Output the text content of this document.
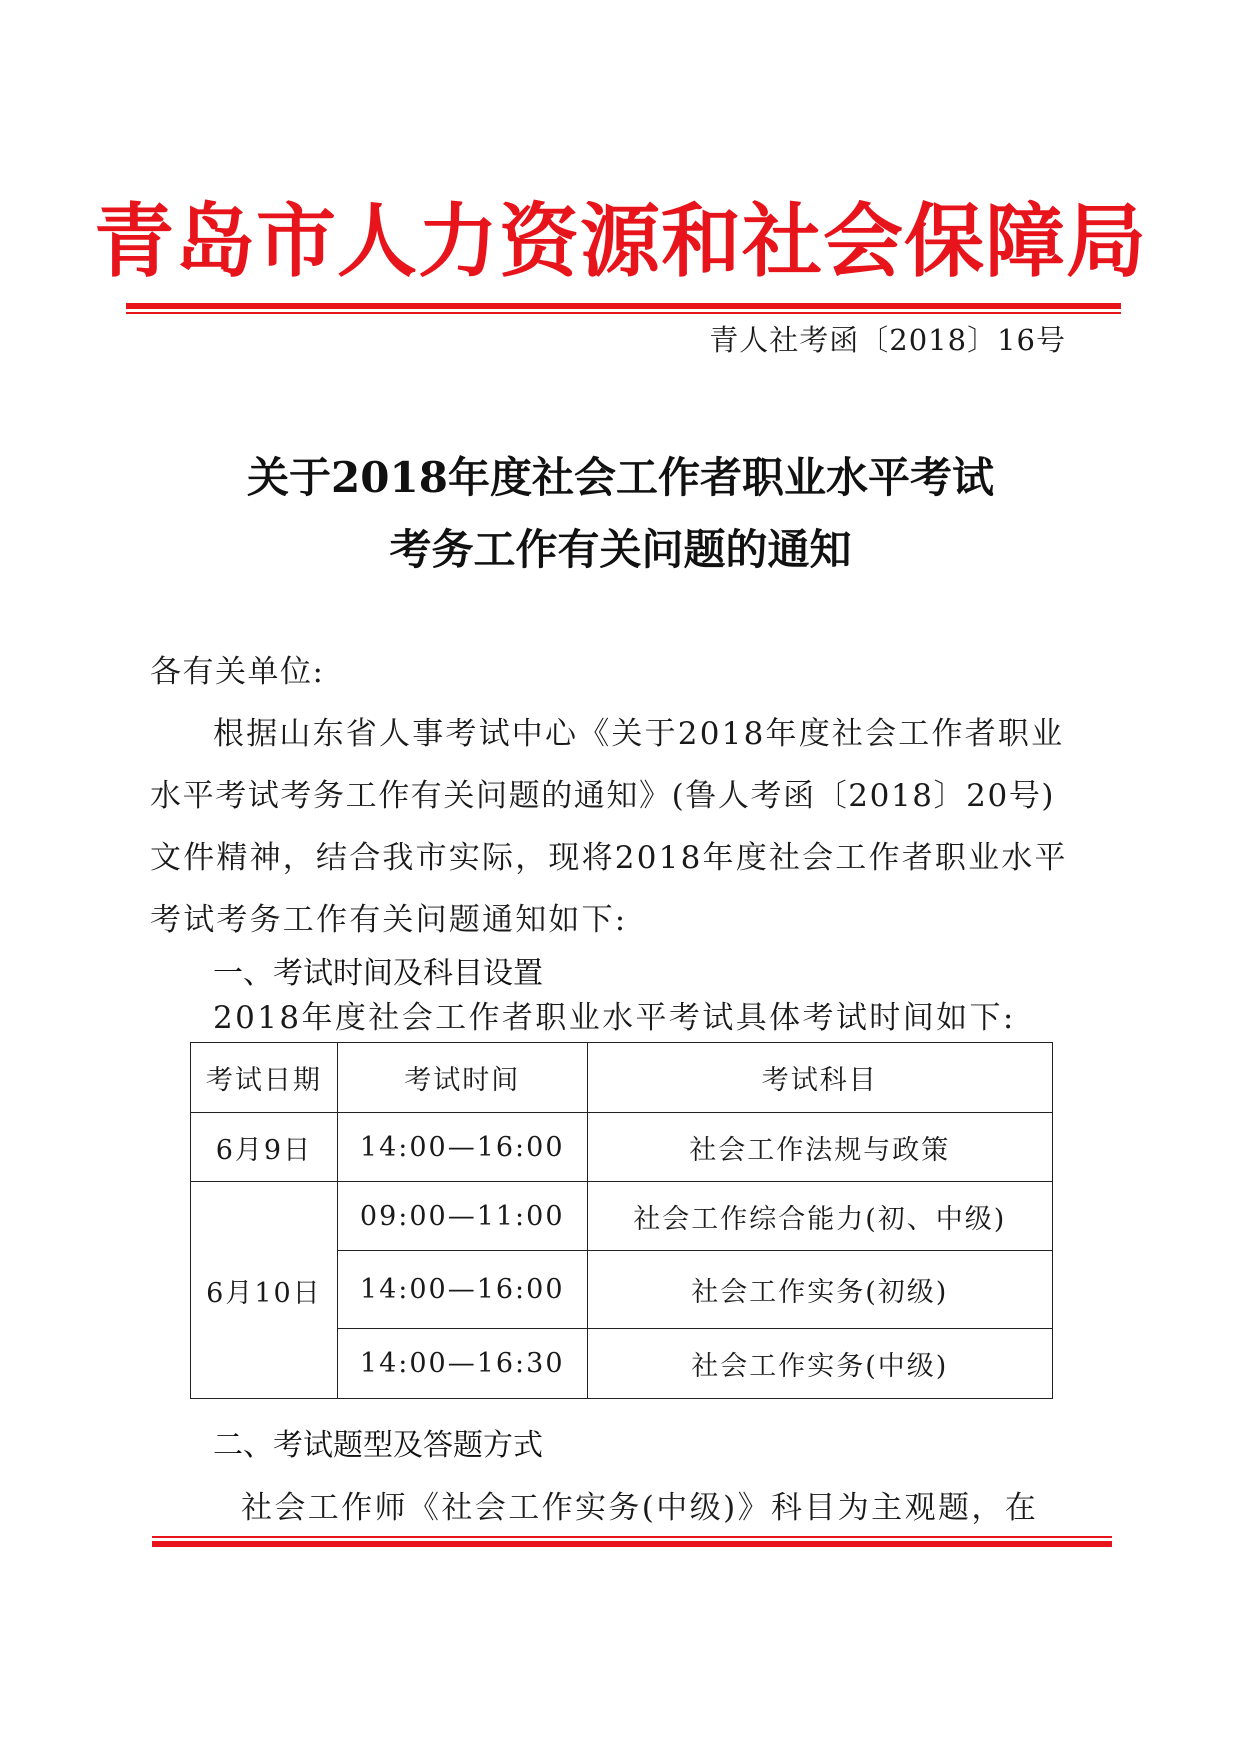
青岛市人力资源和社会保障局
青人社考函〔2018〕16号
关于2018年度社会工作者职业水平考试
考务工作有关问题的通知
各有关单位:
根据山东省人事考试中心《关于2018年度社会工作者职业
水平考试考务工作有关问题的通知》(鲁人考函〔2018〕20号)
文件精神，结合我市实际，现将2018年度社会工作者职业水平
考试考务工作有关问题通知如下:
一、考试时间及科目设置
2018年度社会工作者职业水平考试具体考试时间如下:
考试日期	考试时间	考试科目
6月9日	14:00—16:00	社会工作法规与政策
6月10日	09:00—11:00	社会工作综合能力(初、中级)
	14:00—16:00	社会工作实务(初级)
	14:00—16:30	社会工作实务(中级)
二、考试题型及答题方式
社会工作师《社会工作实务(中级)》科目为主观题，在
